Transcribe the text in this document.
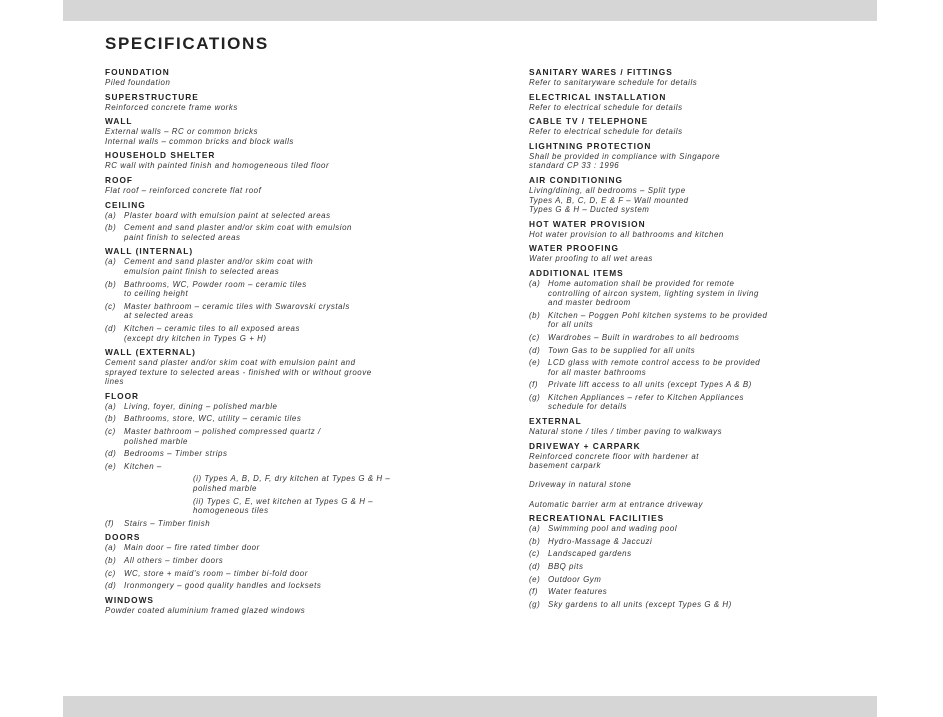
SPECIFICATIONS
FOUNDATION
Piled foundation
SUPERSTRUCTURE
Reinforced concrete frame works
WALL
External walls – RC or common bricks
Internal walls – common bricks and block walls
HOUSEHOLD SHELTER
RC wall with painted finish and homogeneous tiled floor
ROOF
Flat roof – reinforced concrete flat roof
CEILING
(a) Plaster board with emulsion paint at selected areas
(b) Cement and sand plaster and/or skim coat with emulsion
paint finish to selected areas
WALL (INTERNAL)
(a) Cement and sand plaster and/or skim coat with
emulsion paint finish to selected areas
(b) Bathrooms, WC, Powder room – ceramic tiles
to ceiling height
(c) Master bathroom – ceramic tiles with Swarovski crystals
at selected areas
(d) Kitchen – ceramic tiles to all exposed areas
(except dry kitchen in Types G + H)
WALL (EXTERNAL)
Cement sand plaster and/or skim coat with emulsion paint and
sprayed texture to selected areas - finished with or without groove
lines
FLOOR
(a) Living, foyer, dining – polished marble
(b) Bathrooms, store, WC, utility – ceramic tiles
(c) Master bathroom – polished compressed quartz /
polished marble
(d) Bedrooms – Timber strips
(e) Kitchen –
(i) Types A, B, D, F, dry kitchen at Types G & H –
polished marble
(ii) Types C, E, wet kitchen at Types G & H –
homogeneous tiles
(f) Stairs – Timber finish
DOORS
(a) Main door – fire rated timber door
(b) All others – timber doors
(c) WC, store + maid's room – timber bi-fold door
(d) Ironmongery – good quality handles and locksets
WINDOWS
Powder coated aluminium framed glazed windows
SANITARY WARES / FITTINGS
Refer to sanitaryware schedule for details
ELECTRICAL INSTALLATION
Refer to electrical schedule for details
CABLE TV / TELEPHONE
Refer to electrical schedule for details
LIGHTNING PROTECTION
Shall be provided in compliance with Singapore
standard CP 33 : 1996
AIR CONDITIONING
Living/dining, all bedrooms – Split type
Types A, B, C, D, E & F – Wall mounted
Types G & H – Ducted system
HOT WATER PROVISION
Hot water provision to all bathrooms and kitchen
WATER PROOFING
Water proofing to all wet areas
ADDITIONAL ITEMS
(a) Home automation shall be provided for remote
controlling of aircon system, lighting system in living
and master bedroom
(b) Kitchen – Poggen Pohl kitchen systems to be provided
for all units
(c) Wardrobes – Built in wardrobes to all bedrooms
(d) Town Gas to be supplied for all units
(e) LCD glass with remote control access to be provided
for all master bathrooms
(f) Private lift access to all units (except Types A & B)
(g) Kitchen Appliances – refer to Kitchen Appliances
schedule for details
EXTERNAL
Natural stone / tiles / timber paving to walkways
DRIVEWAY + CARPARK
Reinforced concrete floor with hardener at
basement carpark

Driveway in natural stone

Automatic barrier arm at entrance driveway
RECREATIONAL FACILITIES
(a) Swimming pool and wading pool
(b) Hydro-Massage & Jaccuzi
(c) Landscaped gardens
(d) BBQ pits
(e) Outdoor Gym
(f) Water features
(g) Sky gardens to all units (except Types G & H)
